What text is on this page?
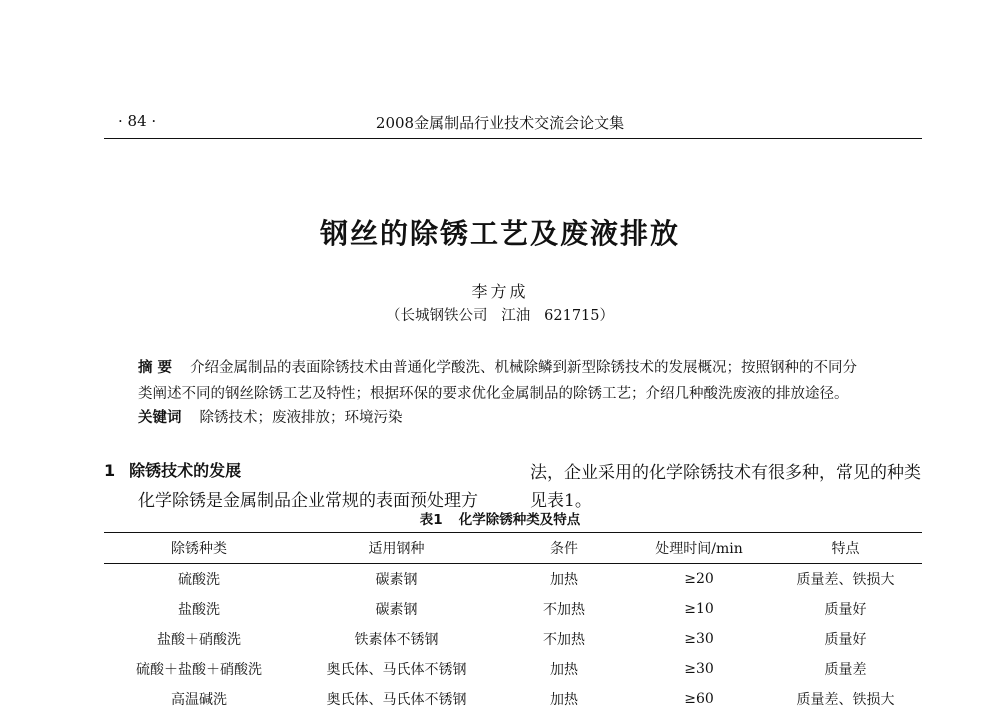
· 84 ·	2008金属制品行业技术交流会论文集
钢丝的除锈工艺及废液排放
李方成
（长城钢铁公司   江油   621715）
摘 要 介绍金属制品的表面除锈技术由普通化学酸洗、机械除鳞到新型除锈技术的发展概况；按照钢种的不同分
类阐述不同的钢丝除锈工艺及特性；根据环保的要求优化金属制品的除锈工艺；介绍几种酸洗废液的排放途径。
关键词 除锈技术；废液排放；环境污染
1 除锈技术的发展
化学除锈是金属制品企业常规的表面预处理方
法，企业采用的化学除锈技术有很多种，常见的种类
见表1。
表1 化学除锈种类及特点
除锈种类	适用钢种	条件	处理时间/min	特点
硫酸洗	碳素钢	加热	≥20	质量差、铁损大
盐酸洗	碳素钢	不加热	≥10	质量好
盐酸＋硝酸洗	铁素体不锈钢	不加热	≥30	质量好
硫酸＋盐酸＋硝酸洗	奥氏体、马氏体不锈钢	加热	≥30	质量差
高温碱洗	奥氏体、马氏体不锈钢	加热	≥60	质量差、铁损大
